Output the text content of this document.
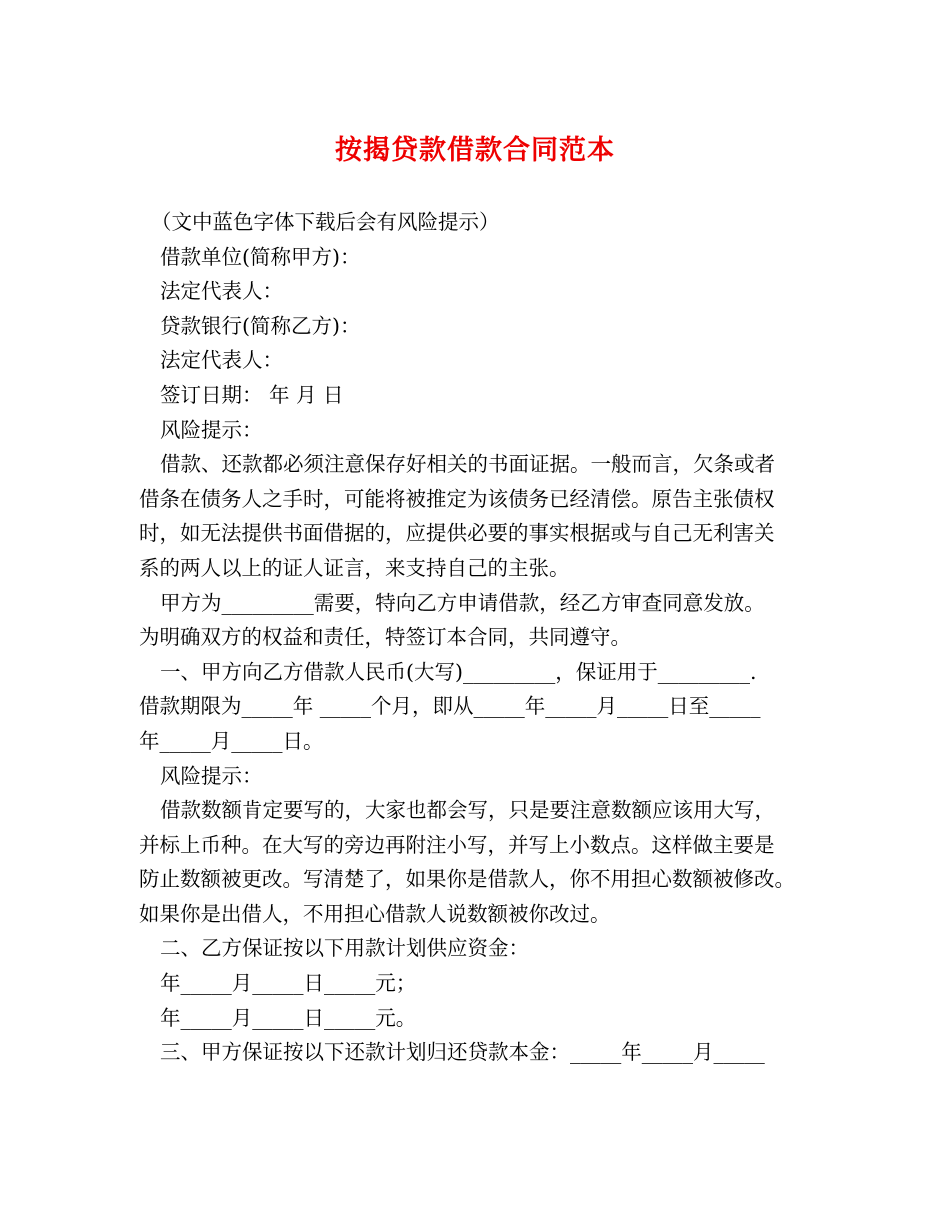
按揭贷款借款合同范本

（文中蓝色字体下载后会有风险提示）

借款单位(简称甲方)：

法定代表人：

贷款银行(简称乙方)：

法定代表人：

签订日期： 年 月 日

风险提示：

借款、还款都必须注意保存好相关的书面证据。一般而言，欠条或者

借条在债务人之手时，可能将被推定为该债务已经清偿。原告主张债权

时，如无法提供书面借据的，应提供必要的事实根据或与自己无利害关

系的两人以上的证人证言，来支持自己的主张。

甲方为_________需要，特向乙方申请借款，经乙方审查同意发放。

为明确双方的权益和责任，特签订本合同，共同遵守。

一、甲方向乙方借款人民币(大写)_________，保证用于_________.

借款期限为_____年 _____个月，即从_____年_____月_____日至_____

年_____月_____日。

风险提示：

借款数额肯定要写的，大家也都会写，只是要注意数额应该用大写，

并标上币种。在大写的旁边再附注小写，并写上小数点。这样做主要是

防止数额被更改。写清楚了，如果你是借款人，你不用担心数额被修改。

如果你是出借人，不用担心借款人说数额被你改过。

二、乙方保证按以下用款计划供应资金：

年_____月_____日_____元；

年_____月_____日_____元。

三、甲方保证按以下还款计划归还贷款本金：_____年_____月_____
